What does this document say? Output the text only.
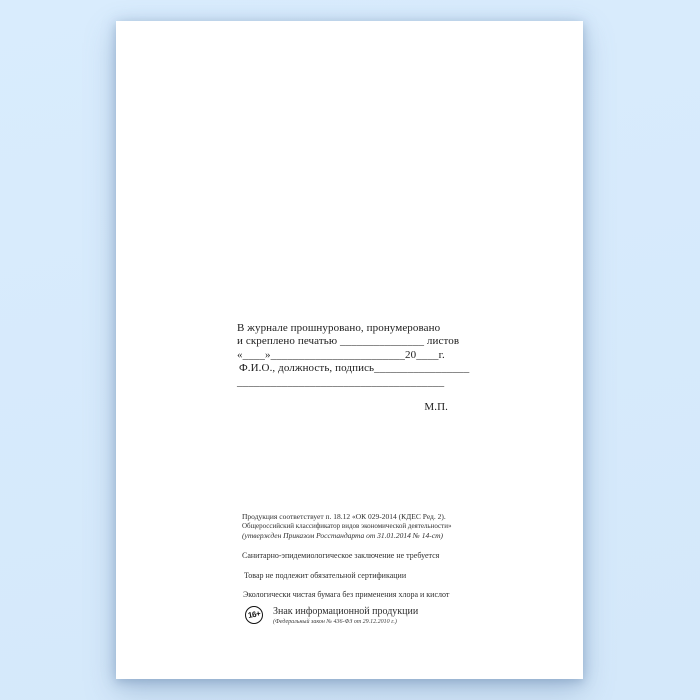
В журнале прошнуровано, пронумеровано

и скреплено печатью _______________ листов

«____»________________________20____г.

Ф.И.О., должность, подпись_________________

_____________________________________

М.П.

Продукция соответствует п. 18.12 «ОК 029-2014 (КДЕС Ред. 2).

Общероссийский классификатор видов экономической деятельности»

(утвержден Приказом Росстандарта от 31.01.2014 № 14-ст)

Санитарно-эпидемиологическое заключение не требуется

Товар не подлежит обязательной сертификации

Экологически чистая бумага без применения хлора и кислот

16+ Знак информационной продукции

(Федеральный закон № 436-ФЗ от 29.12.2010 г.)
